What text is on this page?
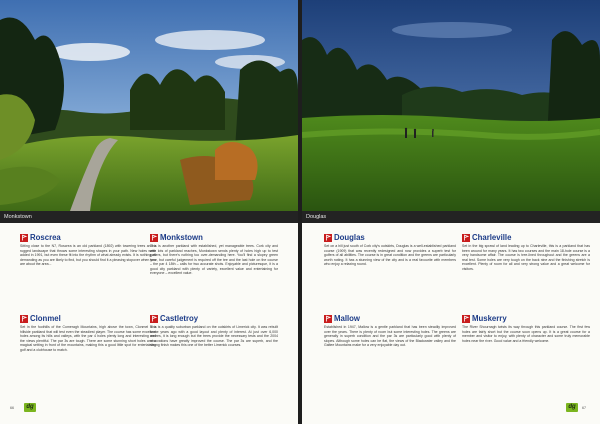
Monkstown
Roscrea

Sitting close to the N7, Roscrea is an old parkland (1892) with towering trees and a rugged landscape that throws some interesting shapes in your path. New holes were added in 1991, but even these fit into the rhythm of what already exists. It is nothing as demanding as you are likely to find, but you should find it a pleasing stopover when you are about the area...

Monkstown

This is another parkland with established, yet manageable trees. Cork city and with lots of parkland reaches, Monkstown sends plenty of holes high up to test golfers, but there's nothing too over-demanding here. You'll find a slopey green here, but careful judgement is required off the tee and the last hole on the course – the par 4 18th – calls for two accurate shots. Enjoyable and picturesque, it is a good city parkland with plenty of variety, excellent value and entertaining for everyone – excellent value.

Clonmel

Set in the foothills of the Comeragh Mountains, high above the town, Clonmel is a hillside parkland that will test even the steadiest player. The course has some excellent holes among its hills and valleys, with the par 4 holes plenty long and interesting and the views plentiful. The par 3s are tough. There are some stunning short holes and a magical setting in front of the mountains, making this a good little spot for entertaining golf and a clubhouse to match.

Castletroy

This is a quality suburban parkland on the outskirts of Limerick city. It was rebuilt some years ago with a good layout and plenty of interest. At just over 6,000 metres, it is long enough but the trees provide the necessary tests and the 2004 renovations have greatly improved the course. The par 3s are superb, and the strong finish makes this one of the better Limerick courses.

66	dg
Douglas
Douglas

Set on a hill just south of Cork city's outskirts, Douglas is a well-established parkland course (1909) that was recently redesigned and now provides a superb test for golfers of all abilities. The course is in great condition and the greens are particularly worth noting. It has a stunning view of the city and is a real favourite with members who enjoy a relaxing round.

Charleville

Set in the big sprawl of land leading up to Charleville, this is a parkland that has been around for many years. It has two courses and the main 18-hole course is a very handsome affair. The course is tree-lined throughout and the greens are a real test. Some holes are very tough on the back nine and the finishing stretch is excellent. Plenty of room for all and very strong value and a great welcome for visitors.

Mallow

Established in 1947, Mallow is a gentle parkland that has been steadily improved over the years. There is plenty of room but some interesting holes. The greens are generally in superb condition and the par 3s are particularly good with plenty of slopes. Although some holes can be flat, the views of the Blackwater valley and the Galtee Mountains make for a very enjoyable day out.

Muskerry

The River Shournagh twists its way through this parkland course. The first few holes are fairly short but the course soon opens up. It is a great course for a member and visitor to enjoy, with plenty of character and some truly memorable holes near the river. Good value and a friendly welcome.

dg	67
